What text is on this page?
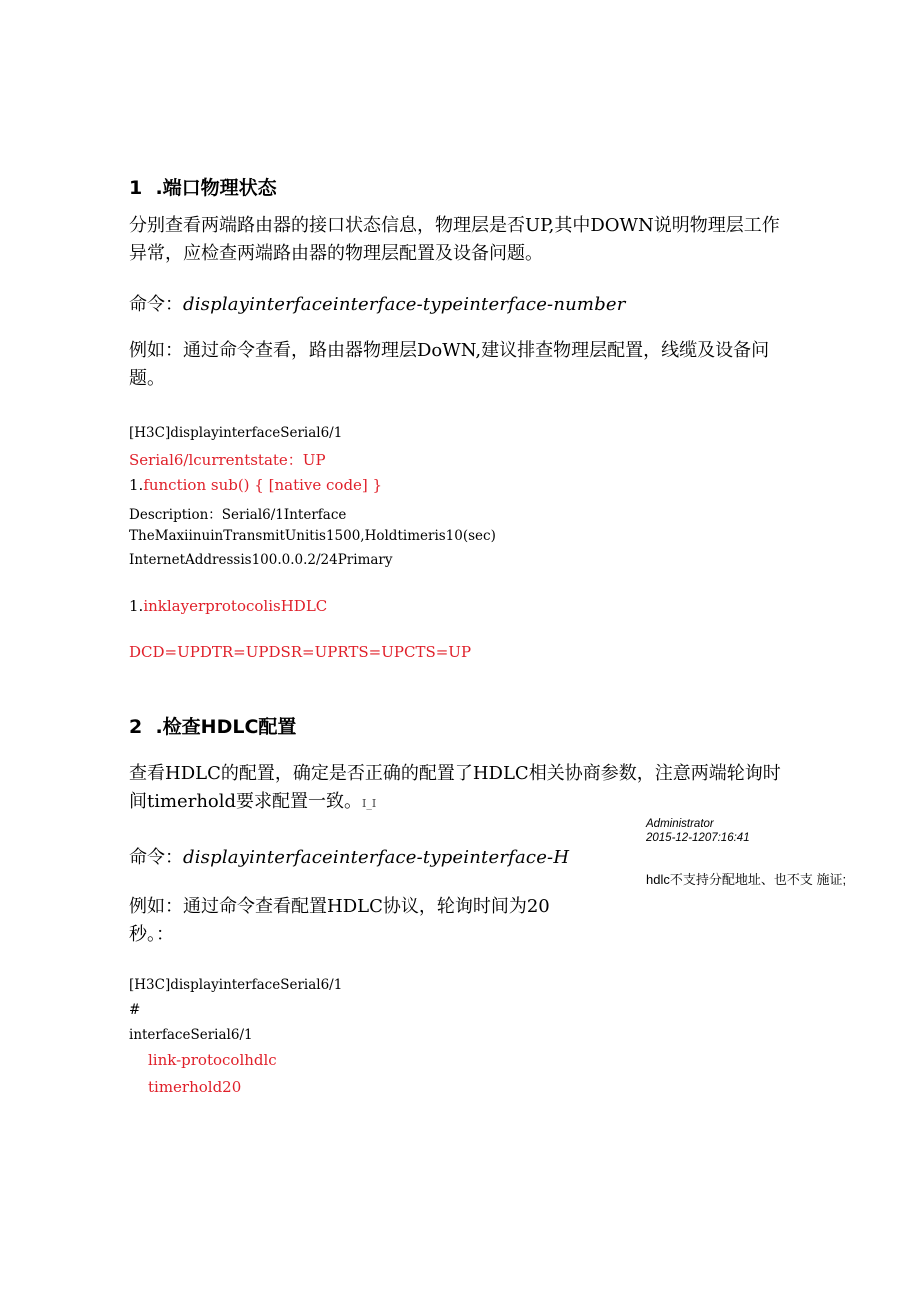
1  .端口物理状态
分别查看两端路由器的接口状态信息，物理层是否UP,其中DOWN说明物理层工作异常，应检查两端路由器的物理层配置及设备问题。
命令：displayinterfaceinterface-typeinterface-number
例如：通过命令查看，路由器物理层DoWN,建议排查物理层配置，线缆及设备问题。
[H3C]displayinterfaceSerial6/1
Serial6/lcurrentstate：UP
1.function sub() { [native code] }
Description：Serial6/1Interface
TheMaxiinuinTransmitUnitis1500,Holdtimeris10(sec)
InternetAddressis100.0.0.2/24Primary
1.inklayerprotocolisHDLC
DCD=UPDTR=UPDSR=UPRTS=UPCTS=UP
2  .检查HDLC配置
查看HDLC的配置，确定是否正确的配置了HDLC相关协商参数，注意两端轮询时间timerhold要求配置一致。I_I
命令：displayinterfaceinterface-typeinterface-H
例如：通过命令查看配置HDLC协议，轮询时间为20秒。：
[H3C]displayinterfaceSerial6/1
#
interfaceSerial6/1
link-protocolhdlc
timerhold20
Administrator
2015-12-1207:16:41
hdlc不支持分配地址、也不支 施证;
